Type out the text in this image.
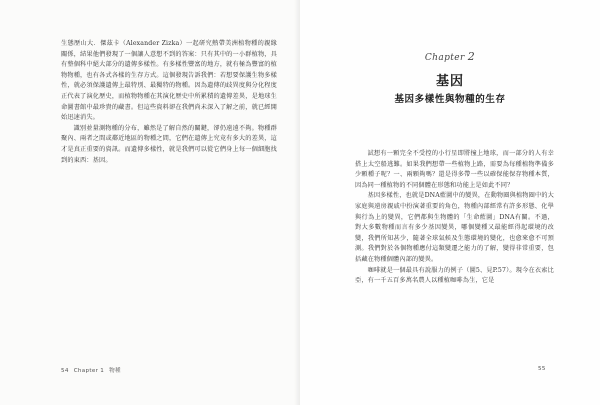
生態歷山大．傑茲卡（Alexander Zizka）一起研究熱帶美洲植物種的親緣關係，結果他們發現了一個讓人意想不到的答案：只有其中的一小群植物，具有整個科中絕大部分的遺傳多樣性。有多樣性豐富的地方，就有極為豐富的植物物種，也有各式各樣的生存方式。這個發現告訴我們：若想要保護生物多樣性，就必須保護遺傳上最特別、最獨特的物種。因為遺傳的歧異度與分化程度正代表了演化歷史，而植物物種在其演化歷史中所累積的遺傳差異，是地球生命圖書館中最珍貴的藏書。但這些資料卻在我們尚未深入了解之前，就已經開始迅速消失。

識別並量測物種的分布，雖然是了解自然的關鍵，卻仍遠遠不夠。物種群聚內、兩者之間或鄰近地區的物種之間，它們在遺傳上究竟有多大的差異，這才是真正重要的資訊。而遺傳多樣性，就是我們可以從它們身上每一個細胞找到的東西：基因。

Chapter 2
基因
基因多樣性與物種的生存

試想有一顆完全不受控的小行星即將撞上地球，而一部分的人有幸搭上太空船逃難。如果我們想帶一些植物上路，需要為每種植物準備多少顆種子呢？一、兩顆夠嗎？還是得多帶一些以確保能保存物種本質，因為同一種植物的不同個體在形態和功能上是如此不同？

基因多樣性，也就是DNA藍圖中的變異，在動物圈與植物圈中的大家庭與遠房親戚中扮演著重要的角色，物種內部經常有許多形態、化學與行為上的變異，它們都與生物體的「生命藍圖」DNA有關。不過，對大多數物種而言有多少基因變異，哪個變種又最能經得起環境的改變，我們所知甚少，隨著全球氣候及生態環境的變化，也愈來愈不可預測。我們對於各個物種應付這類變遷之能力的了解，變得非常重要，包括藏在物種個體內部的變異。

咖啡就是一個最具有說服力的例子（圖5、見P.57）。現今在衣索比亞，有一千五百多萬名農人以種植咖啡為生，它是

54 Chapter 1 物種	55
